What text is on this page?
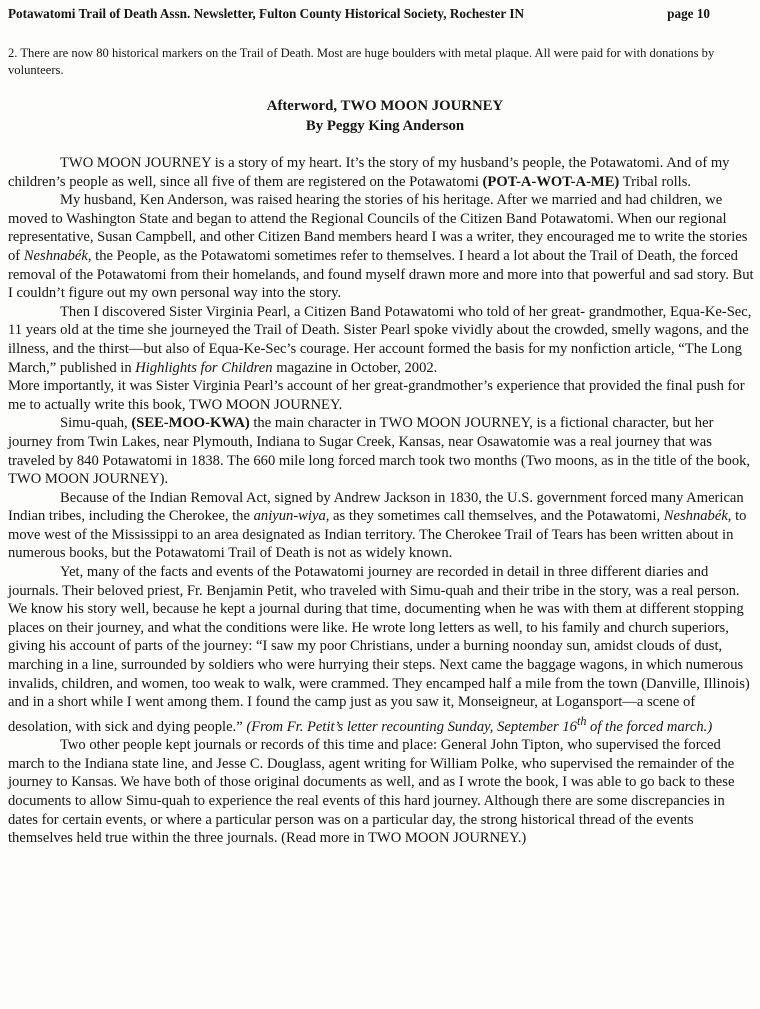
Potawatomi Trail of Death Assn. Newsletter, Fulton County Historical Society, Rochester IN	page 10
2. There are now 80 historical markers on the Trail of Death. Most are huge boulders with metal plaque. All were paid for with donations by volunteers.
Afterword, TWO MOON JOURNEY
By Peggy King Anderson

TWO MOON JOURNEY is a story of my heart. It’s the story of my husband’s people, the Potawatomi. And of my children’s people as well, since all five of them are registered on the Potawatomi (POT-A-WOT-A-ME) Tribal rolls.

My husband, Ken Anderson, was raised hearing the stories of his heritage. After we married and had children, we moved to Washington State and began to attend the Regional Councils of the Citizen Band Potawatomi. When our regional representative, Susan Campbell, and other Citizen Band members heard I was a writer, they encouraged me to write the stories of Neshnabék, the People, as the Potawatomi sometimes refer to themselves. I heard a lot about the Trail of Death, the forced removal of the Potawatomi from their homelands, and found myself drawn more and more into that powerful and sad story. But I couldn’t figure out my own personal way into the story.

Then I discovered Sister Virginia Pearl, a Citizen Band Potawatomi who told of her great- grandmother, Equa-Ke-Sec, 11 years old at the time she journeyed the Trail of Death. Sister Pearl spoke vividly about the crowded, smelly wagons, and the illness, and the thirst—but also of Equa-Ke-Sec’s courage. Her account formed the basis for my nonfiction article, “The Long March,” published in Highlights for Children magazine in October, 2002.

More importantly, it was Sister Virginia Pearl’s account of her great-grandmother’s experience that provided the final push for me to actually write this book, TWO MOON JOURNEY.

Simu-quah, (SEE-MOO-KWA) the main character in TWO MOON JOURNEY, is a fictional character, but her journey from Twin Lakes, near Plymouth, Indiana to Sugar Creek, Kansas, near Osawatomie was a real journey that was traveled by 840 Potawatomi in 1838. The 660 mile long forced march took two months (Two moons, as in the title of the book, TWO MOON JOURNEY).

Because of the Indian Removal Act, signed by Andrew Jackson in 1830, the U.S. government forced many American Indian tribes, including the Cherokee, the aniyun-wiya, as they sometimes call themselves, and the Potawatomi, Neshnabék, to move west of the Mississippi to an area designated as Indian territory. The Cherokee Trail of Tears has been written about in numerous books, but the Potawatomi Trail of Death is not as widely known.

Yet, many of the facts and events of the Potawatomi journey are recorded in detail in three different diaries and journals. Their beloved priest, Fr. Benjamin Petit, who traveled with Simu-quah and their tribe in the story, was a real person. We know his story well, because he kept a journal during that time, documenting when he was with them at different stopping places on their journey, and what the conditions were like. He wrote long letters as well, to his family and church superiors, giving his account of parts of the journey: “I saw my poor Christians, under a burning noonday sun, amidst clouds of dust, marching in a line, surrounded by soldiers who were hurrying their steps. Next came the baggage wagons, in which numerous invalids, children, and women, too weak to walk, were crammed. They encamped half a mile from the town (Danville, Illinois) and in a short while I went among them. I found the camp just as you saw it, Monseigneur, at Logansport—a scene of desolation, with sick and dying people.” (From Fr. Petit’s letter recounting Sunday, September 16th of the forced march.)

Two other people kept journals or records of this time and place: General John Tipton, who supervised the forced march to the Indiana state line, and Jesse C. Douglass, agent writing for William Polke, who supervised the remainder of the journey to Kansas. We have both of those original documents as well, and as I wrote the book, I was able to go back to these documents to allow Simu-quah to experience the real events of this hard journey. Although there are some discrepancies in dates for certain events, or where a particular person was on a particular day, the strong historical thread of the events themselves held true within the three journals. (Read more in TWO MOON JOURNEY.)
